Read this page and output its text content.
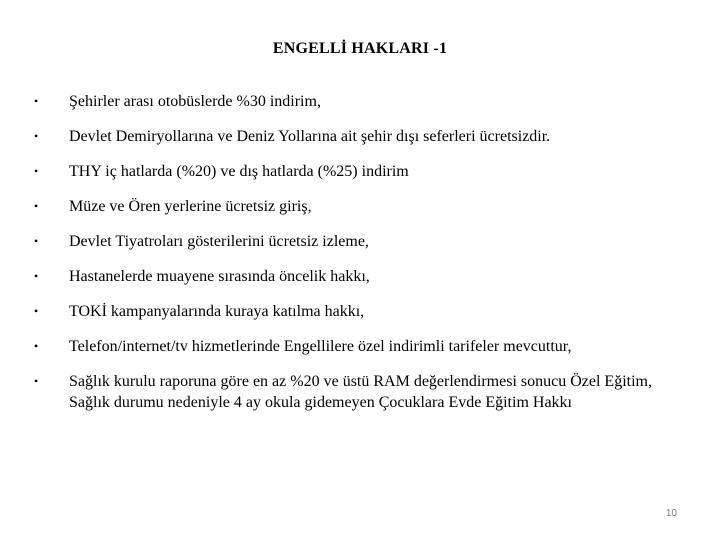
ENGELLİ HAKLARI -1
• Şehirler arası otobüslerde %30 indirim,
• Devlet Demiryollarına ve Deniz Yollarına ait şehir dışı seferleri ücretsizdir.
• THY iç hatlarda (%20) ve dış hatlarda (%25) indirim
• Müze ve Ören yerlerine ücretsiz giriş,
• Devlet Tiyatroları gösterilerini ücretsiz izleme,
• Hastanelerde muayene sırasında öncelik hakkı,
• TOKİ kampanyalarında kuraya katılma hakkı,
• Telefon/internet/tv hizmetlerinde Engellilere özel indirimli tarifeler mevcuttur,
• Sağlık kurulu raporuna göre en az %20 ve üstü RAM değerlendirmesi sonucu Özel Eğitim, Sağlık durumu nedeniyle 4 ay okula gidemeyen Çocuklara Evde Eğitim Hakkı
10
